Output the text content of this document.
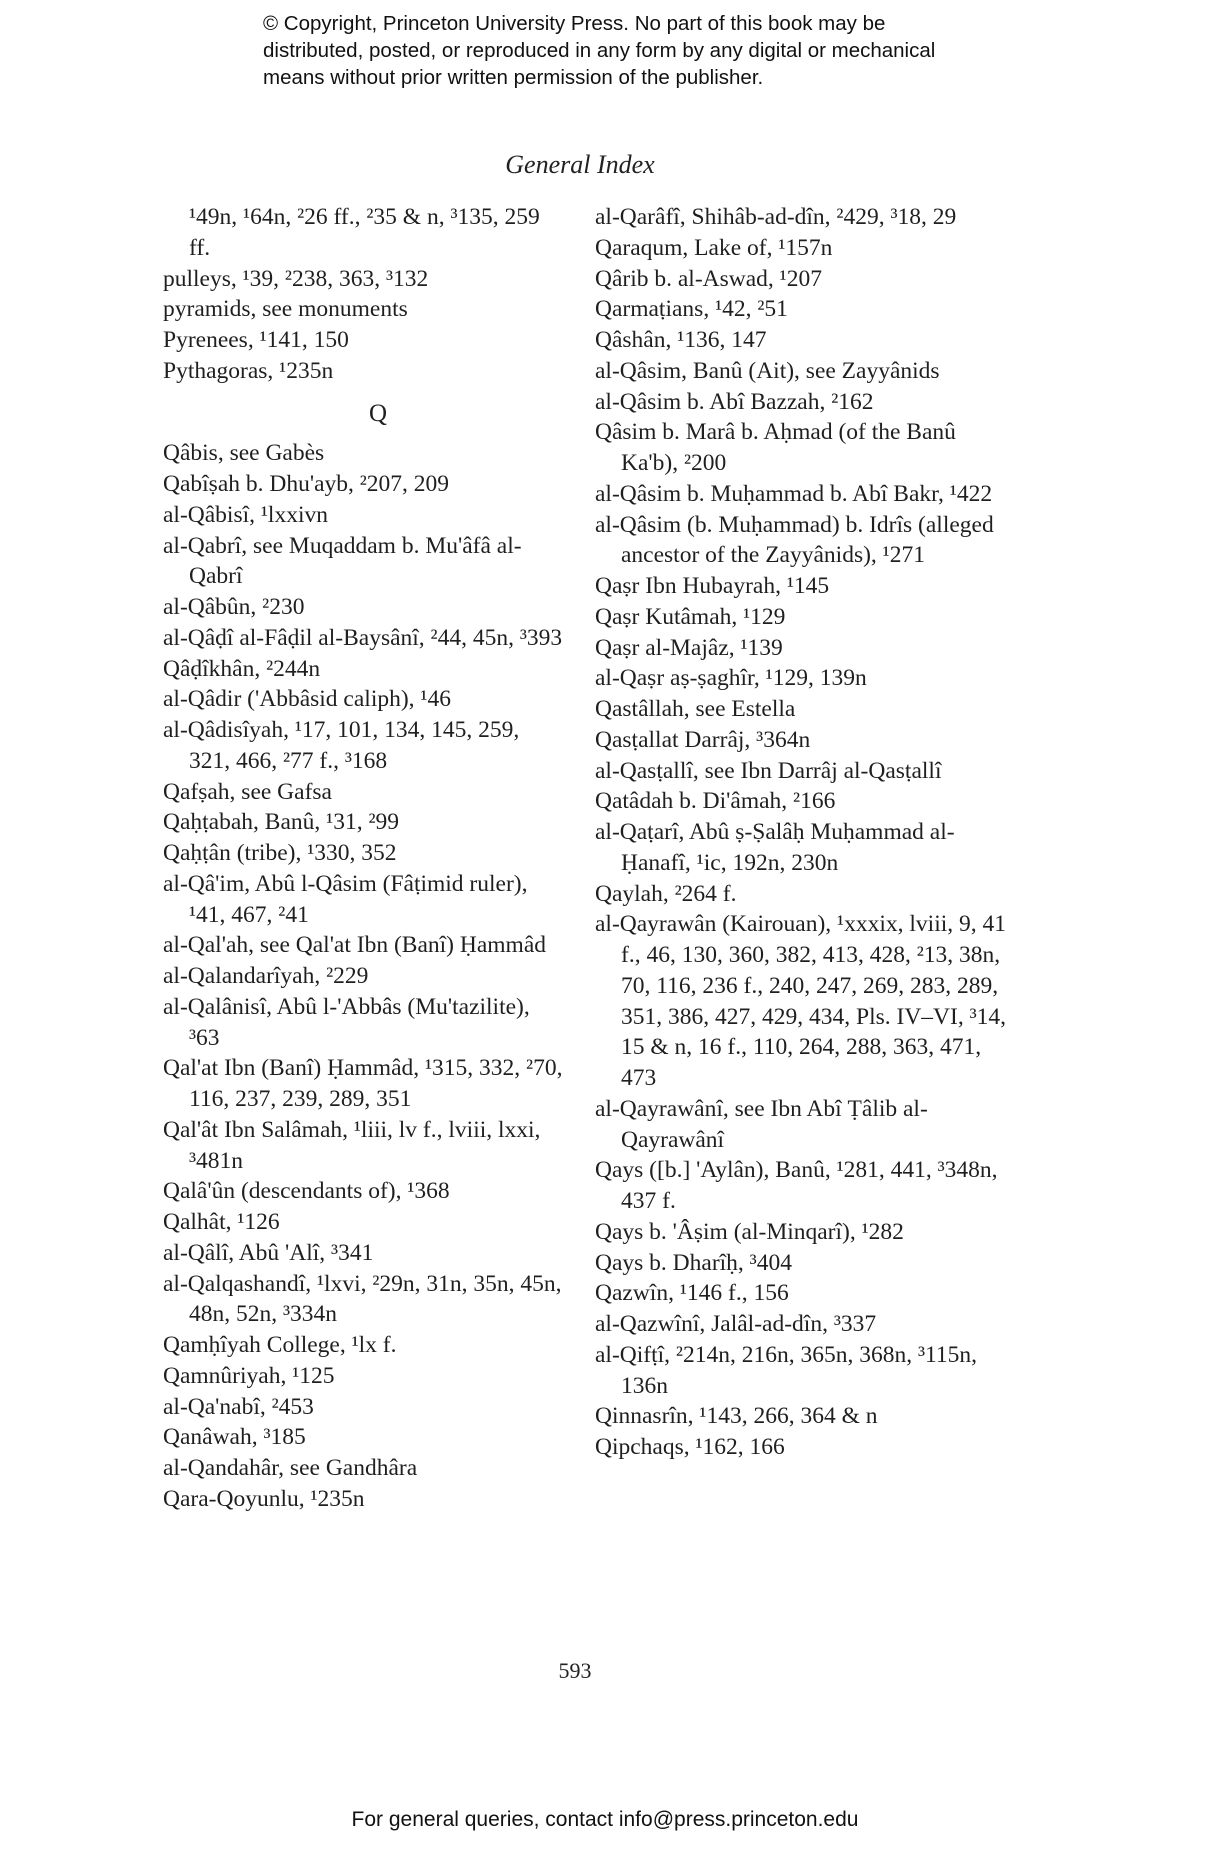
© Copyright, Princeton University Press. No part of this book may be
distributed, posted, or reproduced in any form by any digital or mechanical
means without prior written permission of the publisher.
General Index
¹49n, ¹64n, ²26 ff., ²35 & n, ³135, 259 ff.
pulleys, ¹39, ²238, 363, ³132
pyramids, see monuments
Pyrenees, ¹141, 150
Pythagoras, ¹235n
Q
Qâbis, see Gabès
Qabîṣah b. Dhu'ayb, ²207, 209
al-Qâbisî, ¹lxxivn
al-Qabrî, see Muqaddam b. Mu'âfâ al-Qabrî
al-Qâbûn, ²230
al-Qâḍî al-Fâḍil al-Baysânî, ²44, 45n, ³393
Qâḍîkhân, ²244n
al-Qâdir ('Abbâsid caliph), ¹46
al-Qâdisîyah, ¹17, 101, 134, 145, 259, 321, 466, ²77 f., ³168
Qafṣah, see Gafsa
Qaḥṭabah, Banû, ¹31, ²99
Qaḥṭân (tribe), ¹330, 352
al-Qâ'im, Abû l-Qâsim (Fâṭimid ruler), ¹41, 467, ²41
al-Qal'ah, see Qal'at Ibn (Banî) Ḥammâd
al-Qalandarîyah, ²229
al-Qalânisî, Abû l-'Abbâs (Mu'tazilite), ³63
Qal'at Ibn (Banî) Ḥammâd, ¹315, 332, ²70, 116, 237, 239, 289, 351
Qal'ât Ibn Salâmah, ¹liii, lv f., lviii, lxxi, ³481n
Qalâ'ûn (descendants of), ¹368
Qalhât, ¹126
al-Qâlî, Abû 'Alî, ³341
al-Qalqashandî, ¹lxvi, ²29n, 31n, 35n, 45n, 48n, 52n, ³334n
Qamḥîyah College, ¹lx f.
Qamnûriyah, ¹125
al-Qa'nabî, ²453
Qanâwah, ³185
al-Qandahâr, see Gandhâra
Qara-Qoyunlu, ¹235n
al-Qarâfî, Shihâb-ad-dîn, ²429, ³18, 29
Qaraqum, Lake of, ¹157n
Qârib b. al-Aswad, ¹207
Qarmaṭians, ¹42, ²51
Qâshân, ¹136, 147
al-Qâsim, Banû (Ait), see Zayyânids
al-Qâsim b. Abî Bazzah, ²162
Qâsim b. Marâ b. Aḥmad (of the Banû Ka'b), ²200
al-Qâsim b. Muḥammad b. Abî Bakr, ¹422
al-Qâsim (b. Muḥammad) b. Idrîs (alleged ancestor of the Zayyânids), ¹271
Qaṣr Ibn Hubayrah, ¹145
Qaṣr Kutâmah, ¹129
Qaṣr al-Majâz, ¹139
al-Qaṣr aṣ-ṣaghîr, ¹129, 139n
Qastâllah, see Estella
Qasṭallat Darrâj, ³364n
al-Qasṭallî, see Ibn Darrâj al-Qasṭallî
Qatâdah b. Di'âmah, ²166
al-Qaṭarî, Abû ṣ-Ṣalâḥ Muḥammad al-Ḥanafî, ¹ic, 192n, 230n
Qaylah, ²264 f.
al-Qayrawân (Kairouan), ¹xxxix, lviii, 9, 41 f., 46, 130, 360, 382, 413, 428, ²13, 38n, 70, 116, 236 f., 240, 247, 269, 283, 289, 351, 386, 427, 429, 434, Pls. IV–VI, ³14, 15 & n, 16 f., 110, 264, 288, 363, 471, 473
al-Qayrawânî, see Ibn Abî Ṭâlib al-Qayrawânî
Qays ([b.] 'Aylân), Banû, ¹281, 441, ³348n, 437 f.
Qays b. 'Âṣim (al-Minqarî), ¹282
Qays b. Dharîḥ, ³404
Qazwîn, ¹146 f., 156
al-Qazwînî, Jalâl-ad-dîn, ³337
al-Qifṭî, ²214n, 216n, 365n, 368n, ³115n, 136n
Qinnasrîn, ¹143, 266, 364 & n
Qipchaqs, ¹162, 166
593
For general queries, contact info@press.princeton.edu
